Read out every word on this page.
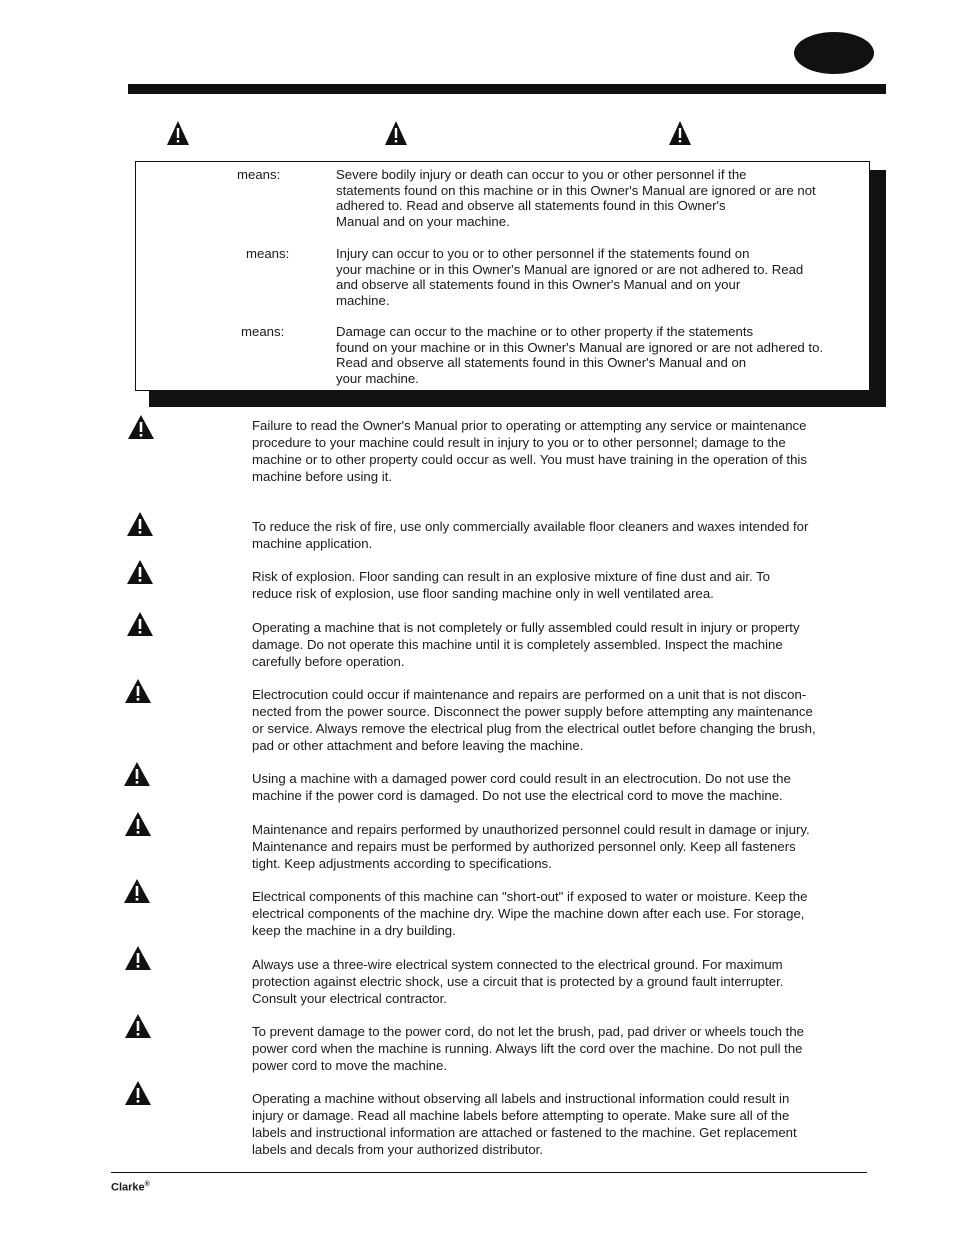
means:	Severe bodily injury or death can occur to you or other personnel if the
statements found on this machine or in this Owner's Manual are ignored or are not
adhered to. Read and observe all statements found in this Owner's
Manual and on your machine.
means:	Injury can occur to you or to other personnel if the statements found on
your machine or in this Owner's Manual are ignored or are not adhered to. Read
and observe all statements found in this Owner's Manual and on your
machine.
means:	Damage can occur to the machine or to other property if the statements
found on your machine or in this Owner's Manual are ignored or are not adhered to.
Read and observe all statements found in this Owner's Manual and on
your machine.
Failure to read the Owner's Manual prior to operating or attempting any service or maintenance
procedure to your machine could result in injury to you or to other personnel; damage to the
machine or to other property could occur as well. You must have training in the operation of this
machine before using it.
To reduce the risk of fire, use only commercially available floor cleaners and waxes intended for
machine application.
Risk of explosion. Floor sanding can result in an explosive mixture of fine dust and air. To
reduce risk of explosion, use floor sanding machine only in well ventilated area.
Operating a machine that is not completely or fully assembled could result in injury or property
damage. Do not operate this machine until it is completely assembled. Inspect the machine
carefully before operation.
Electrocution could occur if maintenance and repairs are performed on a unit that is not discon-
nected from the power source. Disconnect the power supply before attempting any maintenance
or service. Always remove the electrical plug from the electrical outlet before changing the brush,
pad or other attachment and before leaving the machine.
Using a machine with a damaged power cord could result in an electrocution. Do not use the
machine if the power cord is damaged. Do not use the electrical cord to move the machine.
Maintenance and repairs performed by unauthorized personnel could result in damage or injury.
Maintenance and repairs must be performed by authorized personnel only. Keep all fasteners
tight. Keep adjustments according to specifications.
Electrical components of this machine can "short-out" if exposed to water or moisture. Keep the
electrical components of the machine dry. Wipe the machine down after each use. For storage,
keep the machine in a dry building.
Always use a three-wire electrical system connected to the electrical ground. For maximum
protection against electric shock, use a circuit that is protected by a ground fault interrupter.
Consult your electrical contractor.
To prevent damage to the power cord, do not let the brush, pad, pad driver or wheels touch the
power cord when the machine is running. Always lift the cord over the machine. Do not pull the
power cord to move the machine.
Operating a machine without observing all labels and instructional information could result in
injury or damage. Read all machine labels before attempting to operate. Make sure all of the
labels and instructional information are attached or fastened to the machine. Get replacement
labels and decals from your authorized distributor.
Clarke®
